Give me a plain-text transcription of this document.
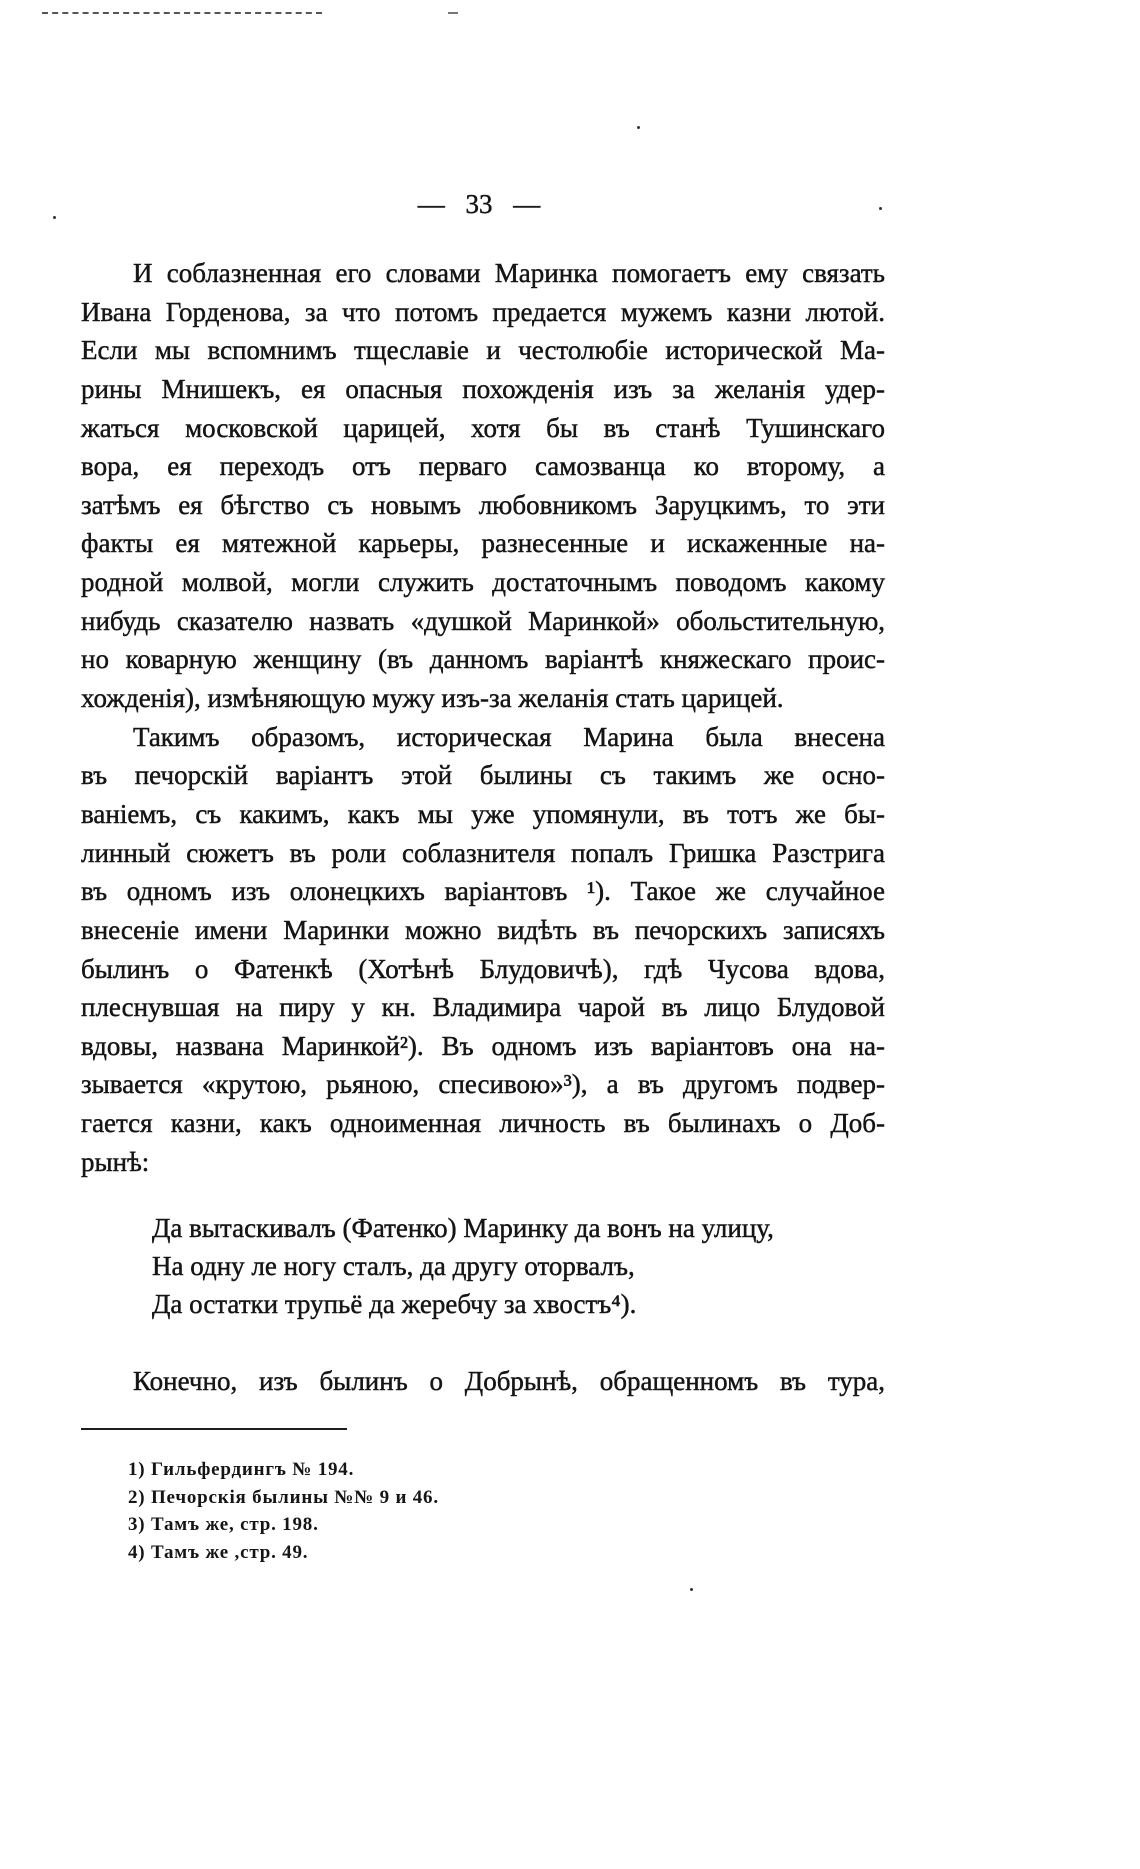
— 33 —
И соблазненная его словами Маринка помогаетъ ему связать
Ивана Горденова, за что потомъ предается мужемъ казни лютой.
Если мы вспомнимъ тщеславіе и честолюбіе исторической Ма-
рины Мнишекъ, ея опасныя похожденія изъ за желанія удер-
жаться московской царицей, хотя бы въ станѣ Тушинскаго
вора, ея переходъ отъ перваго самозванца ко второму, а
затѣмъ ея бѣгство съ новымъ любовникомъ Заруцкимъ, то эти
факты ея мятежной карьеры, разнесенные и искаженные на-
родной молвой, могли служить достаточнымъ поводомъ какому
нибудь сказателю назвать «душкой Маринкой» обольстительную,
но коварную женщину (въ данномъ варіантѣ княжескаго проис-
хожденія), измѣняющую мужу изъ-за желанія стать царицей.
Такимъ образомъ, историческая Марина была внесена
въ печорскій варіантъ этой былины съ такимъ же осно-
ваніемъ, съ какимъ, какъ мы уже упомянули, въ тотъ же бы-
линный сюжетъ въ роли соблазнителя попалъ Гришка Разстрига
въ одномъ изъ олонецкихъ варіантовъ ¹). Такое же случайное
внесеніе имени Маринки можно видѣть въ печорскихъ записяхъ
былинъ о Фатенкѣ (Хотѣнѣ Блудовичѣ), гдѣ Чусова вдова,
плеснувшая на пиру у кн. Владимира чарой въ лицо Блудовой
вдовы, названа Маринкой²). Въ одномъ изъ варіантовъ она на-
зывается «крутою, рьяною, спесивою»³), а въ другомъ подвер-
гается казни, какъ одноименная личность въ былинахъ о Доб-
рынѣ:
Да вытаскивалъ (Фатенко) Маринку да вонъ на улицу,
На одну ле ногу сталъ, да другу оторвалъ,
Да остатки трупьё да жеребчу за хвостъ⁴).
Конечно, изъ былинъ о Добрынѣ, обращенномъ въ тура,
1) Гильфердингъ № 194.
2) Печорскія былины №№ 9 и 46.
3) Тамъ же, стр. 198.
4) Тамъ же ,стр. 49.
